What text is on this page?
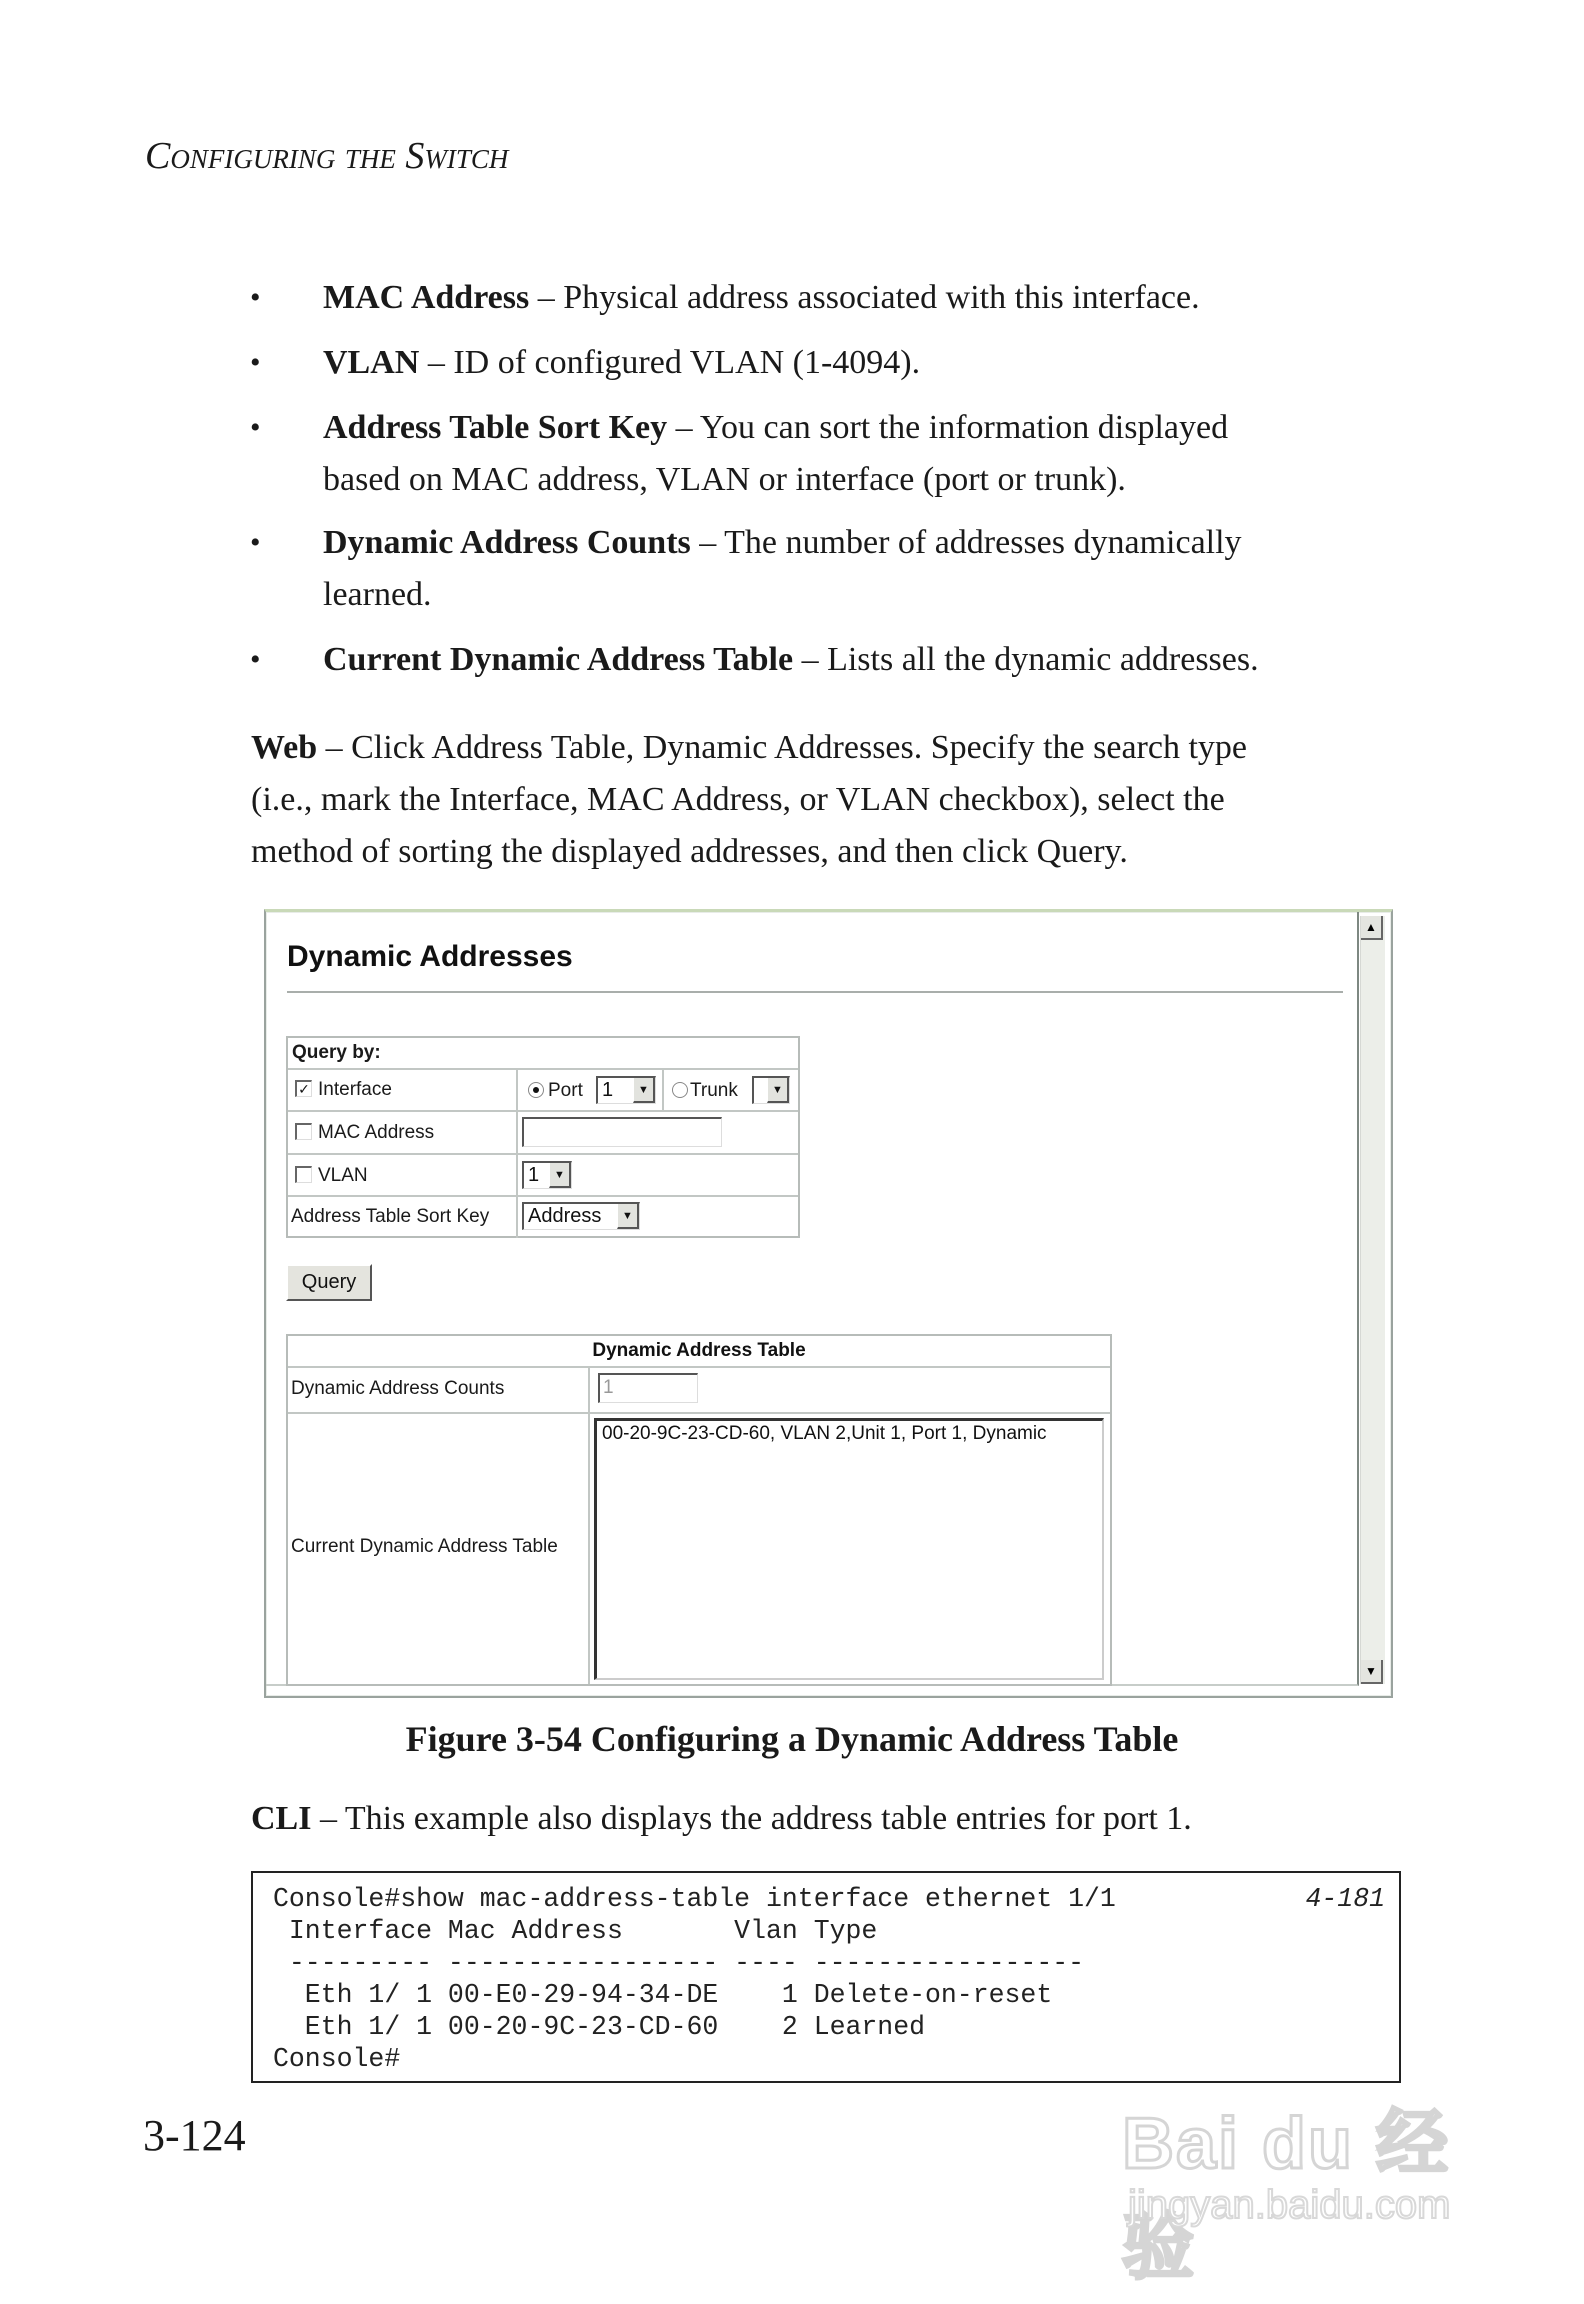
Configuring the Switch
• MAC Address – Physical address associated with this interface.
• VLAN – ID of configured VLAN (1-4094).
• Address Table Sort Key – You can sort the information displayed
based on MAC address, VLAN or interface (port or trunk).
• Dynamic Address Counts – The number of addresses dynamically
learned.
• Current Dynamic Address Table – Lists all the dynamic addresses.
Web – Click Address Table, Dynamic Addresses. Specify the search type
(i.e., mark the Interface, MAC Address, or VLAN checkbox), select the
method of sorting the displayed addresses, and then click Query.
Dynamic Addresses
Query by:
✓ Interface	Port 1	▼	Trunk	▼
MAC Address
VLAN	1	▼
Address Table Sort Key	Address	▼
Query
Dynamic Address Table
Dynamic Address Counts	1
Current Dynamic Address Table
00-20-9C-23-CD-60, VLAN 2,Unit 1, Port 1, Dynamic
▲
▼
Figure 3-54 Configuring a Dynamic Address Table
CLI – This example also displays the address table entries for port 1.
Console#show mac-address-table interface ethernet 1/1
Interface Mac Address       Vlan Type
--------- ----------------- ---- -----------------
Eth 1/ 1 00-E0-29-94-34-DE    1 Delete-on-reset
Eth 1/ 1 00-20-9C-23-CD-60    2 Learned
Console#
4-181
3-124	Bai du 经验
jingyan.baidu.com
